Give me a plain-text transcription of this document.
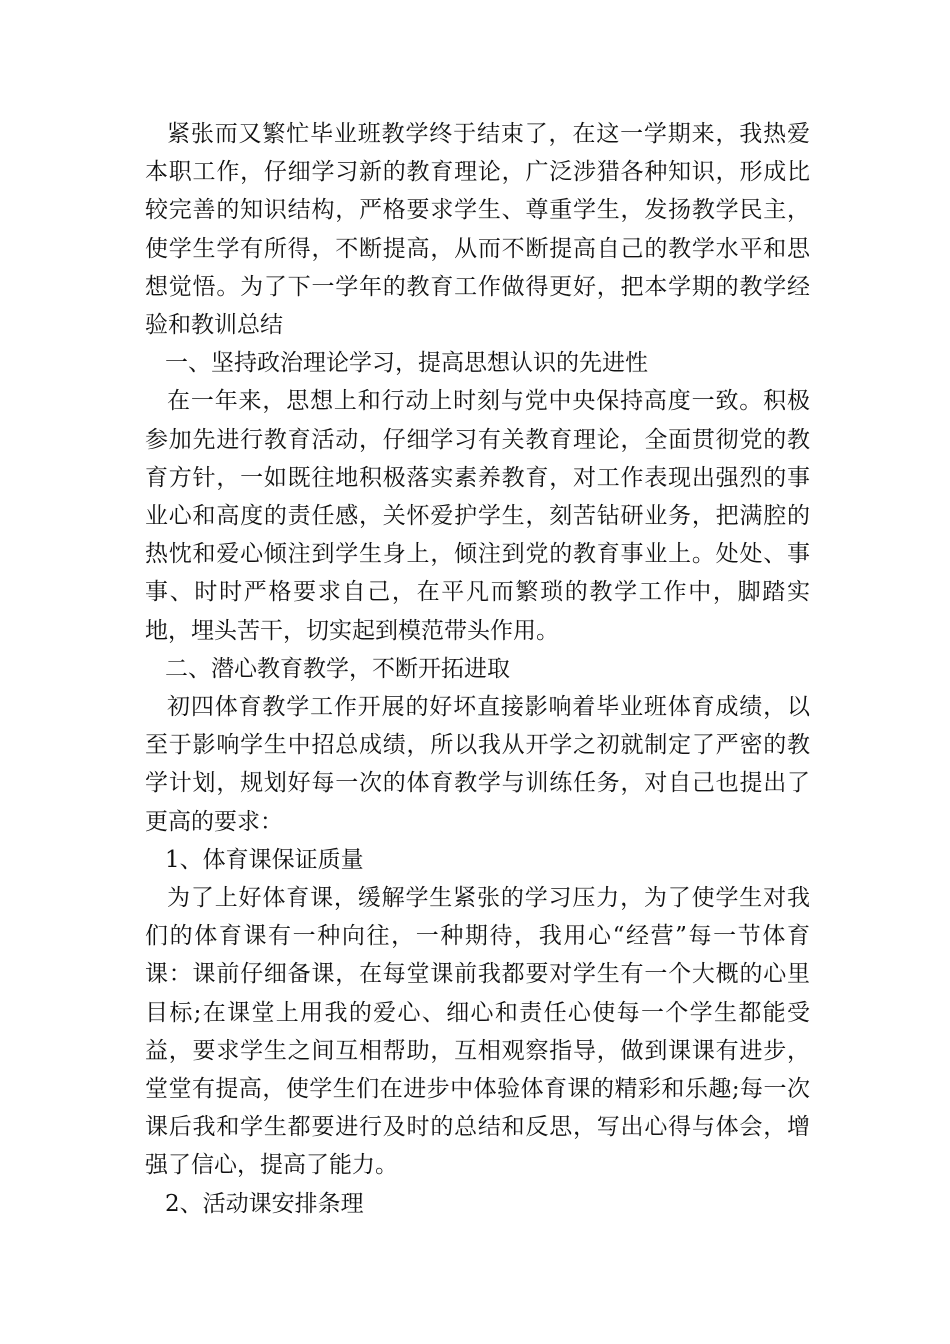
紧张而又繁忙毕业班教学终于结束了，在这一学期来，我热爱本职工作，仔细学习新的教育理论，广泛涉猎各种知识，形成比较完善的知识结构，严格要求学生、尊重学生，发扬教学民主，使学生学有所得，不断提高，从而不断提高自己的教学水平和思想觉悟。为了下一学年的教育工作做得更好，把本学期的教学经验和教训总结

一、坚持政治理论学习，提高思想认识的先进性

在一年来，思想上和行动上时刻与党中央保持高度一致。积极参加先进行教育活动，仔细学习有关教育理论，全面贯彻党的教育方针，一如既往地积极落实素养教育，对工作表现出强烈的事业心和高度的责任感，关怀爱护学生，刻苦钻研业务，把满腔的热忱和爱心倾注到学生身上，倾注到党的教育事业上。处处、事事、时时严格要求自己，在平凡而繁琐的教学工作中，脚踏实地，埋头苦干，切实起到模范带头作用。

二、潜心教育教学，不断开拓进取

初四体育教学工作开展的好坏直接影响着毕业班体育成绩，以至于影响学生中招总成绩，所以我从开学之初就制定了严密的教学计划，规划好每一次的体育教学与训练任务，对自己也提出了更高的要求：

1、体育课保证质量

为了上好体育课，缓解学生紧张的学习压力，为了使学生对我们的体育课有一种向往，一种期待，我用心“经营”每一节体育课：课前仔细备课，在每堂课前我都要对学生有一个大概的心里目标;在课堂上用我的爱心、细心和责任心使每一个学生都能受益，要求学生之间互相帮助，互相观察指导，做到课课有进步，堂堂有提高，使学生们在进步中体验体育课的精彩和乐趣;每一次课后我和学生都要进行及时的总结和反思，写出心得与体会，增强了信心，提高了能力。

2、活动课安排条理
